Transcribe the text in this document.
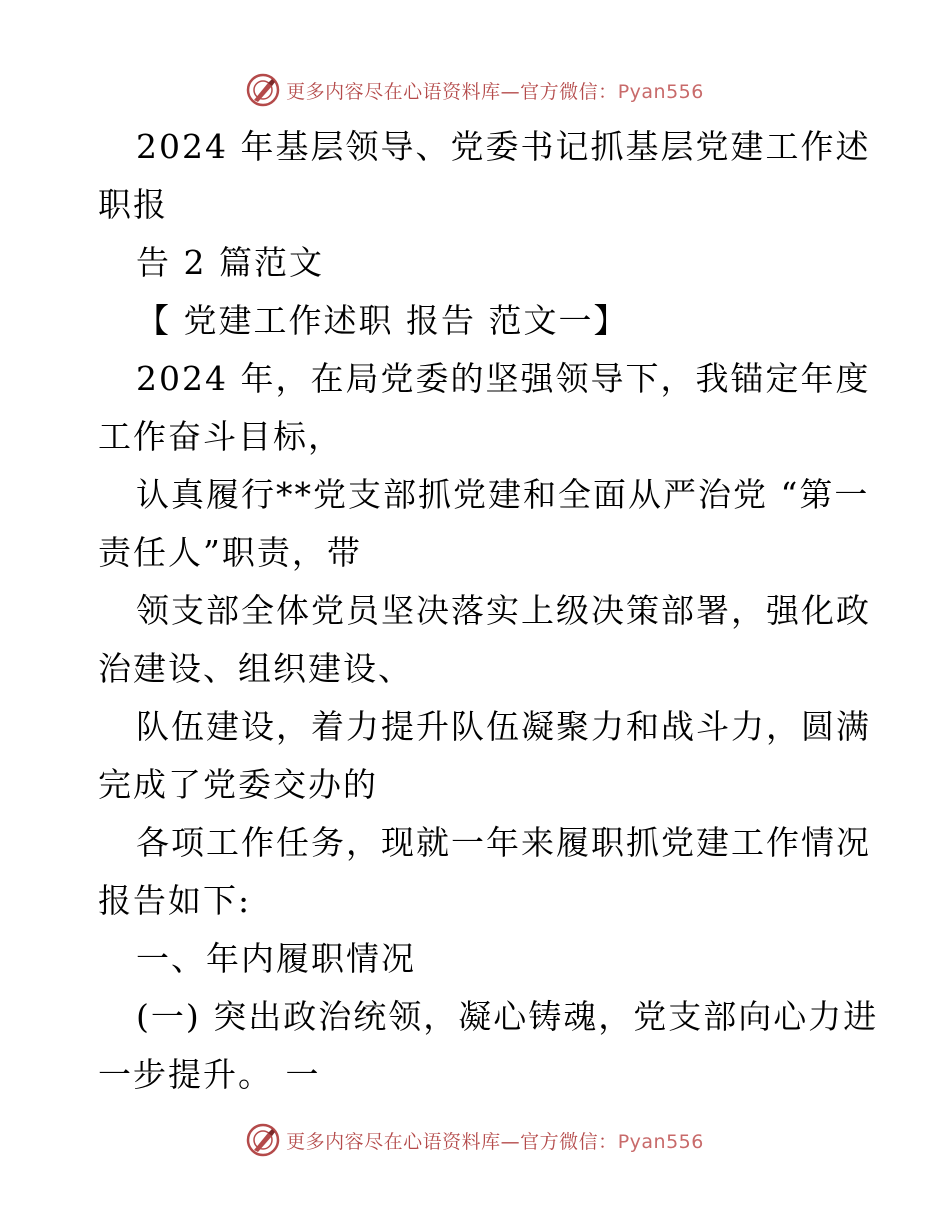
更多内容尽在心语资料库—官方微信：Pyan556
2024 年基层领导、党委书记抓基层党建工作述
职报
告 2 篇范文
【 党建工作述职 报告 范文一】
2024 年，在局党委的坚强领导下，我锚定年度
工作奋斗目标，
认真履行**党支部抓党建和全面从严治党 “第一
责任人”职责，带
领支部全体党员坚决落实上级决策部署，强化政
治建设、组织建设、
队伍建设，着力提升队伍凝聚力和战斗力，圆满
完成了党委交办的
各项工作任务，现就一年来履职抓党建工作情况
报告如下:
一、年内履职情况
(一) 突出政治统领，凝心铸魂，党支部向心力进
一步提升。 一
更多内容尽在心语资料库—官方微信：Pyan556
